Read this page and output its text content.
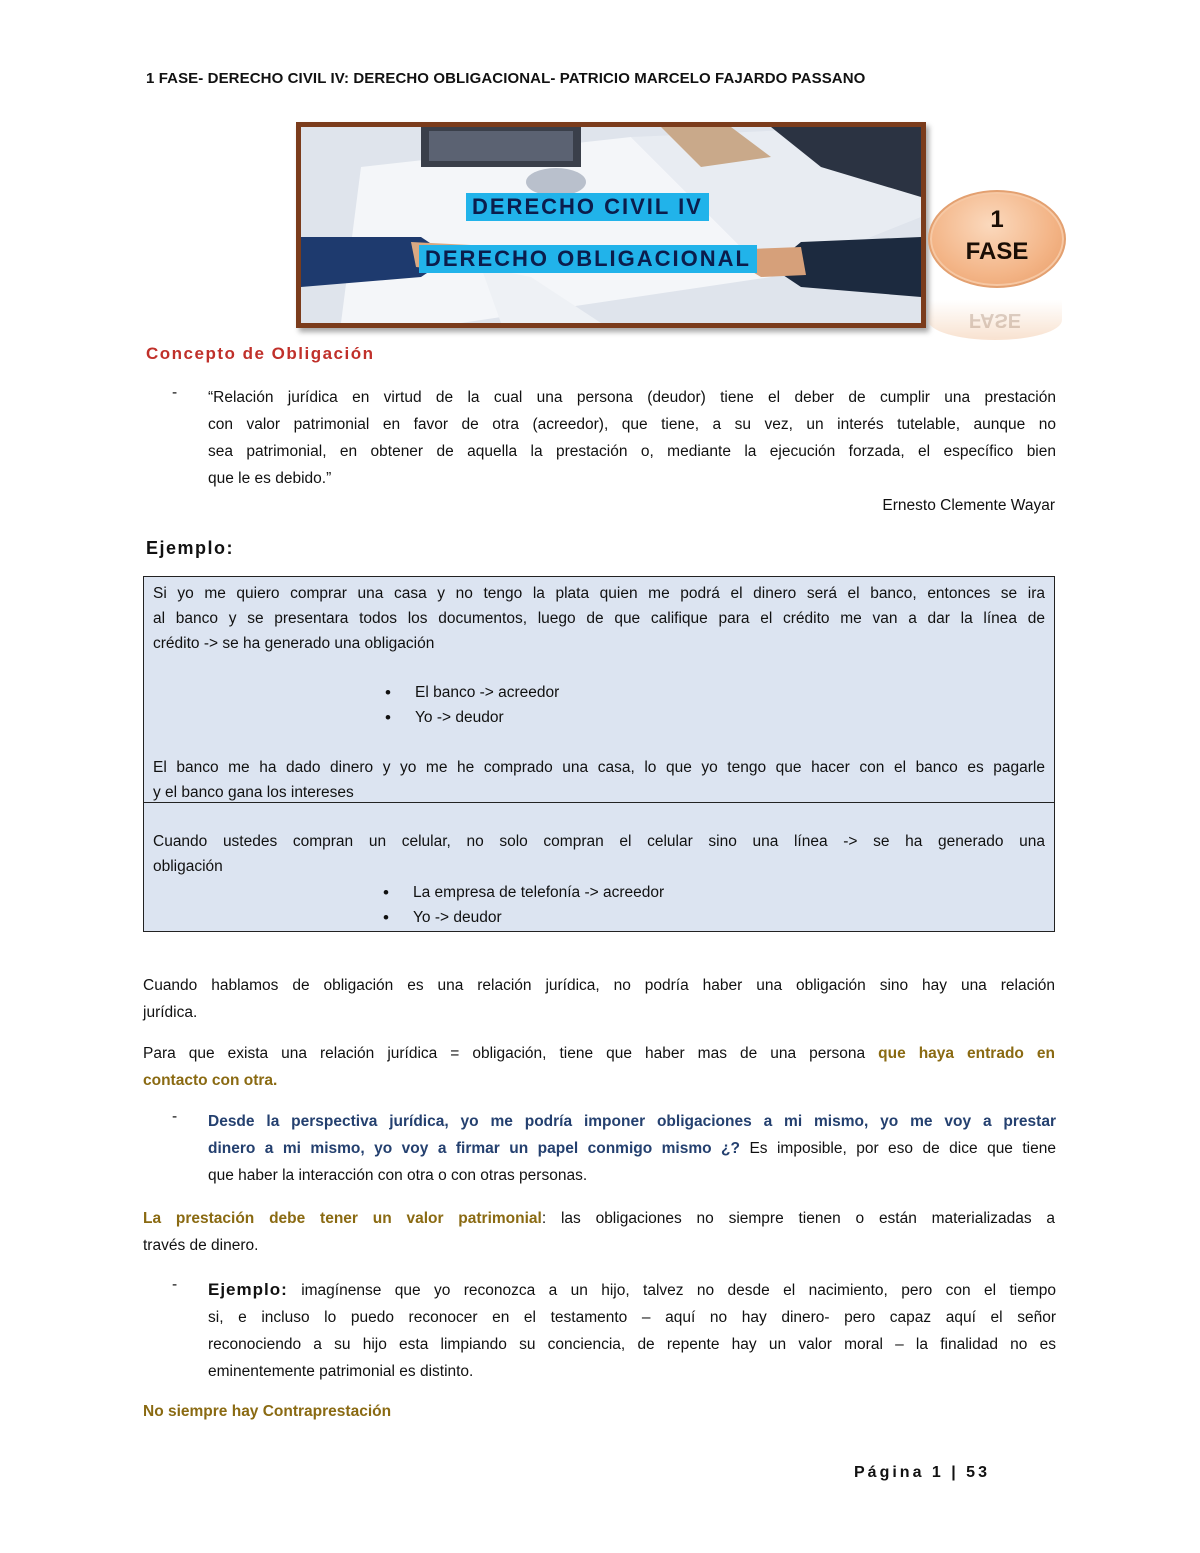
1 FASE- DERECHO CIVIL IV: DERECHO OBLIGACIONAL- PATRICIO MARCELO FAJARDO PASSANO
DERECHO CIVIL IV
DERECHO OBLIGACIONAL
1
FASE
FASE
Concepto de Obligación
- “Relación jurídica en virtud de la cual una persona (deudor) tiene el deber de cumplir una prestación
con valor patrimonial en favor de otra (acreedor), que tiene, a su vez, un interés tutelable, aunque no
sea patrimonial, en obtener de aquella la prestación o, mediante la ejecución forzada, el específico bien
que le es debido.”
Ernesto Clemente Wayar
Ejemplo:
Si yo me quiero comprar una casa y no tengo la plata quien me podrá el dinero será el banco, entonces se ira
al banco y se presentara todos los documentos, luego de que califique para el crédito me van a dar la línea de
crédito -> se ha generado una obligación
• El banco -> acreedor
• Yo -> deudor
El banco me ha dado dinero y yo me he comprado una casa, lo que yo tengo que hacer con el banco es pagarle
y el banco gana los intereses
Cuando ustedes compran un celular, no solo compran el celular sino una línea -> se ha generado una
obligación
• La empresa de telefonía -> acreedor
• Yo -> deudor
Cuando hablamos de obligación es una relación jurídica, no podría haber una obligación sino hay una relación
jurídica.
Para que exista una relación jurídica = obligación, tiene que haber mas de una persona que haya entrado en
contacto con otra.
- Desde la perspectiva jurídica, yo me podría imponer obligaciones a mi mismo, yo me voy a prestar
dinero a mi mismo, yo voy a firmar un papel conmigo mismo ¿? Es imposible, por eso de dice que tiene
que haber la interacción con otra o con otras personas.
La prestación debe tener un valor patrimonial: las obligaciones no siempre tienen o están materializadas a
través de dinero.
- Ejemplo: imagínense que yo reconozca a un hijo, talvez no desde el nacimiento, pero con el tiempo
si, e incluso lo puedo reconocer en el testamento – aquí no hay dinero- pero capaz aquí el señor
reconociendo a su hijo esta limpiando su conciencia, de repente hay un valor moral – la finalidad no es
eminentemente patrimonial es distinto.
No siempre hay Contraprestación
Página 1 | 53
